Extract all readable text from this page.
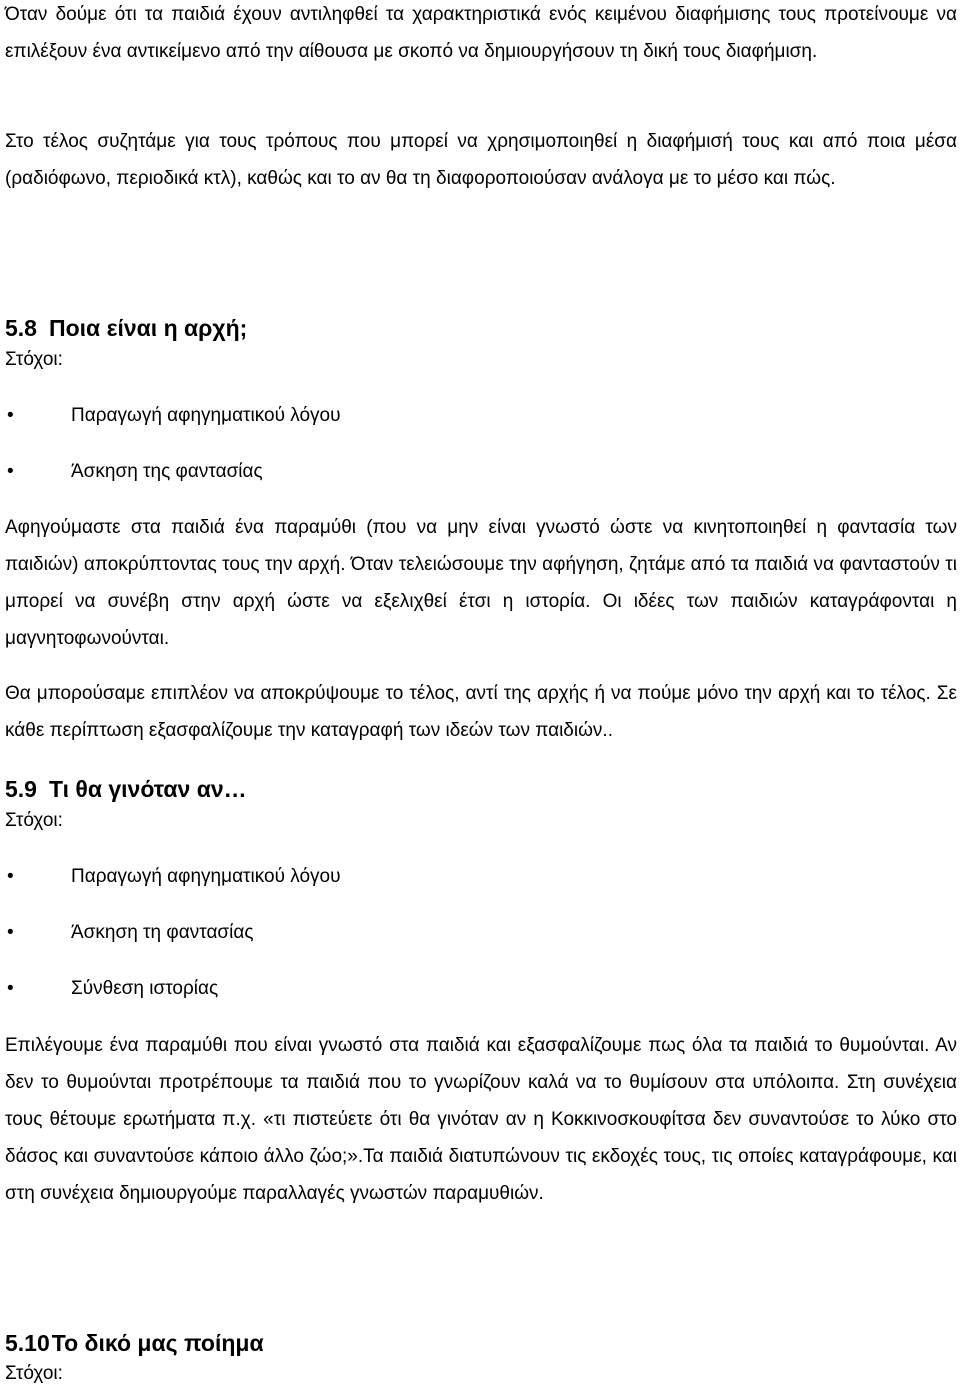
Όταν δούμε ότι τα παιδιά έχουν αντιληφθεί τα χαρακτηριστικά ενός κειμένου διαφήμισης τους προτείνουμε να επιλέξουν ένα αντικείμενο από την αίθουσα με σκοπό να δημιουργήσουν τη δική τους διαφήμιση.

Στο τέλος συζητάμε για τους τρόπους που μπορεί να χρησιμοποιηθεί η διαφήμισή τους και από ποια μέσα (ραδιόφωνο, περιοδικά κτλ), καθώς και το αν θα τη διαφοροποιούσαν ανάλογα με το μέσο και πώς.

5.8 Ποια είναι η αρχή;

Στόχοι:

•	Παραγωγή αφηγηματικού λόγου
•	Άσκηση της φαντασίας

Αφηγούμαστε στα παιδιά ένα παραμύθι (που να μην είναι γνωστό ώστε να κινητοποιηθεί η φαντασία των παιδιών) αποκρύπτοντας τους την αρχή. Όταν τελειώσουμε την αφήγηση, ζητάμε από τα παιδιά να φανταστούν τι μπορεί να συνέβη στην αρχή ώστε να εξελιχθεί έτσι η ιστορία. Οι ιδέες των παιδιών καταγράφονται η μαγνητοφωνούνται.

Θα μπορούσαμε επιπλέον να αποκρύψουμε το τέλος, αντί της αρχής ή να πούμε μόνο την αρχή και το τέλος. Σε κάθε περίπτωση εξασφαλίζουμε την καταγραφή των ιδεών των παιδιών..

5.9 Τι θα γινόταν αν…

Στόχοι:

•	Παραγωγή αφηγηματικού λόγου
•	Άσκηση τη φαντασίας
•	Σύνθεση ιστορίας

Επιλέγουμε ένα παραμύθι που είναι γνωστό στα παιδιά και εξασφαλίζουμε πως όλα τα παιδιά το θυμούνται. Αν δεν το θυμούνται προτρέπουμε τα παιδιά που το γνωρίζουν καλά να το θυμίσουν στα υπόλοιπα. Στη συνέχεια τους θέτουμε ερωτήματα π.χ. «τι πιστεύετε ότι θα γινόταν αν η Κοκκινοσκουφίτσα δεν συναντούσε το λύκο στο δάσος και συναντούσε κάποιο άλλο ζώο;».Τα παιδιά διατυπώνουν τις εκδοχές τους, τις οποίες καταγράφουμε, και στη συνέχεια δημιουργούμε παραλλαγές γνωστών παραμυθιών.

5.10Το δικό μας ποίημα

Στόχοι:
